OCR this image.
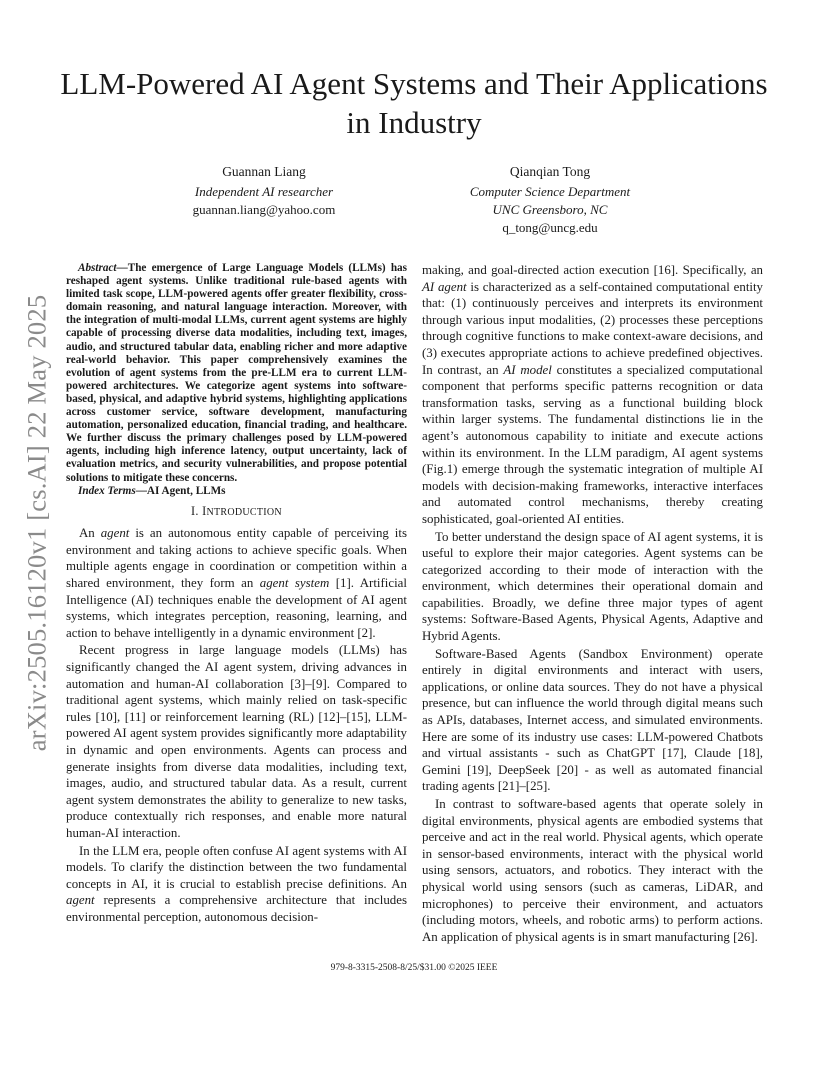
arXiv:2505.16120v1 [cs.AI] 22 May 2025
LLM-Powered AI Agent Systems and Their Applications in Industry
Guannan Liang
Independent AI researcher
guannan.liang@yahoo.com
Qianqian Tong
Computer Science Department
UNC Greensboro, NC
q_tong@uncg.edu

Abstract—The emergence of Large Language Models (LLMs) has reshaped agent systems. Unlike traditional rule-based agents with limited task scope, LLM-powered agents offer greater flexibility, cross-domain reasoning, and natural language interaction. Moreover, with the integration of multi-modal LLMs, current agent systems are highly capable of processing diverse data modalities, including text, images, audio, and structured tabular data, enabling richer and more adaptive real-world behavior. This paper comprehensively examines the evolution of agent systems from the pre-LLM era to current LLM-powered architectures. We categorize agent systems into software-based, physical, and adaptive hybrid systems, highlighting applications across customer service, software development, manufacturing automation, personalized education, financial trading, and healthcare. We further discuss the primary challenges posed by LLM-powered agents, including high inference latency, output uncertainty, lack of evaluation metrics, and security vulnerabilities, and propose potential solutions to mitigate these concerns.

Index Terms—AI Agent, LLMs

I. INTRODUCTION

An agent is an autonomous entity capable of perceiving its environment and taking actions to achieve specific goals. When multiple agents engage in coordination or competition within a shared environment, they form an agent system [1]. Artificial Intelligence (AI) techniques enable the development of AI agent systems, which integrates perception, reasoning, learning, and action to behave intelligently in a dynamic environment [2].

Recent progress in large language models (LLMs) has significantly changed the AI agent system, driving advances in automation and human-AI collaboration [3]–[9]. Compared to traditional agent systems, which mainly relied on task-specific rules [10], [11] or reinforcement learning (RL) [12]–[15], LLM-powered AI agent system provides significantly more adaptability in dynamic and open environments. Agents can process and generate insights from diverse data modalities, including text, images, audio, and structured tabular data. As a result, current agent system demonstrates the ability to generalize to new tasks, produce contextually rich responses, and enable more natural human-AI interaction.

In the LLM era, people often confuse AI agent systems with AI models. To clarify the distinction between the two fundamental concepts in AI, it is crucial to establish precise definitions. An agent represents a comprehensive architecture that includes environmental perception, autonomous decision-

making, and goal-directed action execution [16]. Specifically, an AI agent is characterized as a self-contained computational entity that: (1) continuously perceives and interprets its environment through various input modalities, (2) processes these perceptions through cognitive functions to make context-aware decisions, and (3) executes appropriate actions to achieve predefined objectives. In contrast, an AI model constitutes a specialized computational component that performs specific patterns recognition or data transformation tasks, serving as a functional building block within larger systems. The fundamental distinctions lie in the agent’s autonomous capability to initiate and execute actions within its environment. In the LLM paradigm, AI agent systems (Fig.1) emerge through the systematic integration of multiple AI models with decision-making frameworks, interactive interfaces and automated control mechanisms, thereby creating sophisticated, goal-oriented AI entities.

To better understand the design space of AI agent systems, it is useful to explore their major categories. Agent systems can be categorized according to their mode of interaction with the environment, which determines their operational domain and capabilities. Broadly, we define three major types of agent systems: Software-Based Agents, Physical Agents, Adaptive and Hybrid Agents.

Software-Based Agents (Sandbox Environment) operate entirely in digital environments and interact with users, applications, or online data sources. They do not have a physical presence, but can influence the world through digital means such as APIs, databases, Internet access, and simulated environments. Here are some of its industry use cases: LLM-powered Chatbots and virtual assistants - such as ChatGPT [17], Claude [18], Gemini [19], DeepSeek [20] - as well as automated financial trading agents [21]–[25].

In contrast to software-based agents that operate solely in digital environments, physical agents are embodied systems that perceive and act in the real world. Physical agents, which operate in sensor-based environments, interact with the physical world using sensors, actuators, and robotics. They interact with the physical world using sensors (such as cameras, LiDAR, and microphones) to perceive their environment, and actuators (including motors, wheels, and robotic arms) to perform actions. An application of physical agents is in smart manufacturing [26].

979-8-3315-2508-8/25/$31.00 ©2025 IEEE
